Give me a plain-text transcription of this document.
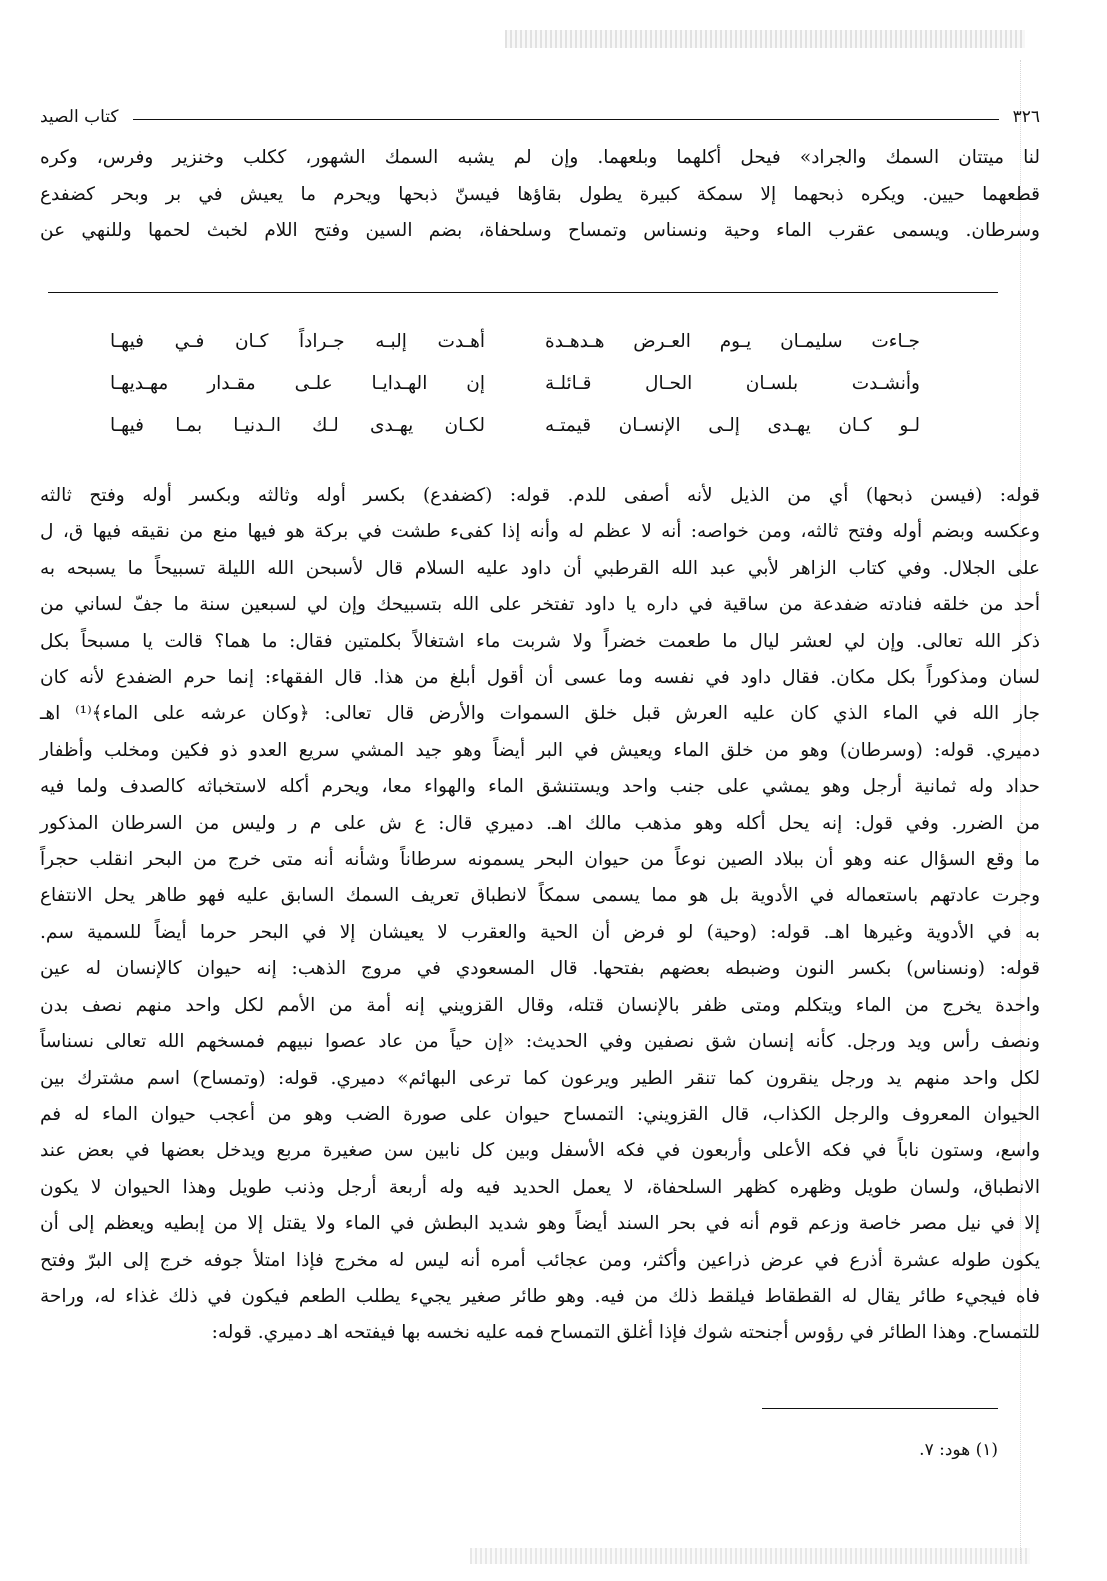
٣٢٦
كتاب الصيد

لنا ميتتان السمك والجراد» فيحل أكلهما وبلعهما. وإن لم يشبه السمك الشهور، ككلب وخنزير وفرس، وكره

قطعهما حيين. ويكره ذبحهما إلا سمكة كبيرة يطول بقاؤها فيسنّ ذبحها ويحرم ما يعيش في بر وبحر كضفدع

وسرطان. ويسمى عقرب الماء وحية ونسناس وتمساح وسلحفاة، بضم السين وفتح اللام لخبث لحمها وللنهي عن

جـاءت سليمـان يـوم العـرض هـدهـدة
أهـدت إلبـه جـراداً كـان فـي فيهـا
وأنشـدت بلسـان الحـال قـائلـة
إن الهـدايـا علـى مقـدار مهـديهـا
لـو كـان يهـدى إلـى الإنسـان قيمتـه
لكـان يهـدى لـك الـدنيـا بمـا فيهـا

قوله: (فيسن ذبحها) أي من الذيل لأنه أصفى للدم. قوله: (كضفدع) بكسر أوله وثالثه وبكسر أوله وفتح ثالثه

وعكسه وبضم أوله وفتح ثالثه، ومن خواصه: أنه لا عظم له وأنه إذا كفىء طشت في بركة هو فيها منع من نقيقه فيها ق، ل

على الجلال. وفي كتاب الزاهر لأبي عبد الله القرطبي أن داود عليه السلام قال لأسبحن الله الليلة تسبيحاً ما يسبحه به

أحد من خلقه فنادته ضفدعة من ساقية في داره يا داود تفتخر على الله بتسبيحك وإن لي لسبعين سنة ما جفّ لساني من

ذكر الله تعالى. وإن لي لعشر ليال ما طعمت خضراً ولا شربت ماء اشتغالاً بكلمتين فقال: ما هما؟ قالت يا مسبحاً بكل

لسان ومذكوراً بكل مكان. فقال داود في نفسه وما عسى أن أقول أبلغ من هذا. قال الفقهاء: إنما حرم الضفدع لأنه كان

جار الله في الماء الذي كان عليه العرش قبل خلق السموات والأرض قال تعالى: ﴿وكان عرشه على الماء﴾⁽¹⁾ اهـ

دميري. قوله: (وسرطان) وهو من خلق الماء ويعيش في البر أيضاً وهو جيد المشي سريع العدو ذو فكين ومخلب وأظفار

حداد وله ثمانية أرجل وهو يمشي على جنب واحد ويستنشق الماء والهواء معا، ويحرم أكله لاستخباثه كالصدف ولما فيه

من الضرر. وفي قول: إنه يحل أكله وهو مذهب مالك اهـ. دميري قال: ع ش على م ر وليس من السرطان المذكور

ما وقع السؤال عنه وهو أن ببلاد الصين نوعاً من حيوان البحر يسمونه سرطاناً وشأنه أنه متى خرج من البحر انقلب حجراً

وجرت عادتهم باستعماله في الأدوية بل هو مما يسمى سمكاً لانطباق تعريف السمك السابق عليه فهو طاهر يحل الانتفاع

به في الأدوية وغيرها اهـ. قوله: (وحية) لو فرض أن الحية والعقرب لا يعيشان إلا في البحر حرما أيضاً للسمية سم.

قوله: (ونسناس) بكسر النون وضبطه بعضهم بفتحها. قال المسعودي في مروج الذهب: إنه حيوان كالإنسان له عين

واحدة يخرج من الماء ويتكلم ومتى ظفر بالإنسان قتله، وقال القزويني إنه أمة من الأمم لكل واحد منهم نصف بدن

ونصف رأس ويد ورجل. كأنه إنسان شق نصفين وفي الحديث: «إن حياً من عاد عصوا نبيهم فمسخهم الله تعالى نسناساً

لكل واحد منهم يد ورجل ينقرون كما تنقر الطير ويرعون كما ترعى البهائم» دميري. قوله: (وتمساح) اسم مشترك بين

الحيوان المعروف والرجل الكذاب، قال القزويني: التمساح حيوان على صورة الضب وهو من أعجب حيوان الماء له فم

واسع، وستون ناباً في فكه الأعلى وأربعون في فكه الأسفل وبين كل نابين سن صغيرة مربع ويدخل بعضها في بعض عند

الانطباق، ولسان طويل وظهره كظهر السلحفاة، لا يعمل الحديد فيه وله أربعة أرجل وذنب طويل وهذا الحيوان لا يكون

إلا في نيل مصر خاصة وزعم قوم أنه في بحر السند أيضاً وهو شديد البطش في الماء ولا يقتل إلا من إبطيه ويعظم إلى أن

يكون طوله عشرة أذرع في عرض ذراعين وأكثر، ومن عجائب أمره أنه ليس له مخرج فإذا امتلأ جوفه خرج إلى البرّ وفتح

فاه فيجيء طائر يقال له القطقاط فيلقط ذلك من فيه. وهو طائر صغير يجيء يطلب الطعم فيكون في ذلك غذاء له، وراحة

للتمساح. وهذا الطائر في رؤوس أجنحته شوك فإذا أغلق التمساح فمه عليه نخسه بها فيفتحه اهـ دميري. قوله:

(١) هود: ٧.
